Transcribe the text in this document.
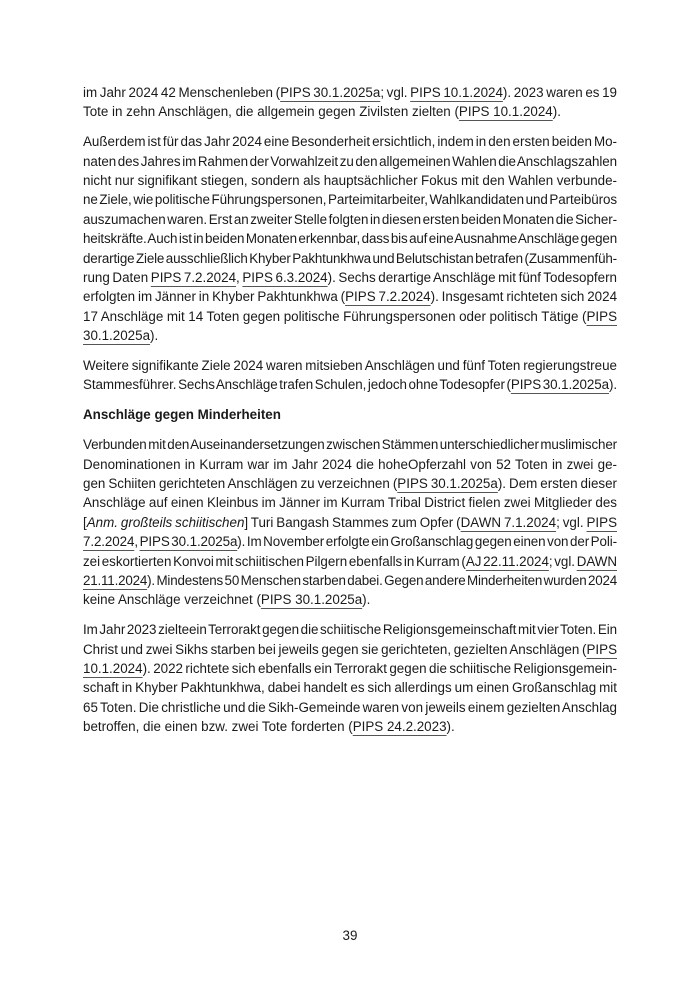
im Jahr 2024 42 Menschenleben (PIPS 30.1.2025a; vgl. PIPS 10.1.2024). 2023 waren es 19
Tote in zehn Anschlägen, die allgemein gegen Zivilsten zielten (PIPS 10.1.2024).
Außerdem ist für das Jahr 2024 eine Besonderheit ersichtlich, indem in den ersten beiden Mo-
naten des Jahres im Rahmen der Vorwahlzeit zu den allgemeinen Wahlen die Anschlagszahlen
nicht nur signifikant stiegen, sondern als hauptsächlicher Fokus mit den Wahlen verbunde-
ne Ziele, wie politische Führungspersonen, Parteimitarbeiter, Wahlkandidaten und Parteibüros
auszumachen waren. Erst an zweiter Stelle folgten in diesen ersten beiden Monaten die Sicher-
heitskräfte. Auch ist in beiden Monaten erkennbar, dass bis auf eine Ausnahme Anschläge gegen
derartige Ziele ausschließlich Khyber Pakhtunkhwa und Belutschistan betrafen (Zusammenfüh-
rung Daten PIPS 7.2.2024, PIPS 6.3.2024). Sechs derartige Anschläge mit fünf Todesopfern
erfolgten im Jänner in Khyber Pakhtunkhwa (PIPS 7.2.2024). Insgesamt richteten sich 2024
17 Anschläge mit 14 Toten gegen politische Führungspersonen oder politisch Tätige (PIPS
30.1.2025a).
Weitere signifikante Ziele 2024 waren mitsieben Anschlägen und fünf Toten regierungstreue
Stammesführer. Sechs Anschläge trafen Schulen, jedoch ohne Todesopfer (PIPS 30.1.2025a).
Anschläge gegen Minderheiten
Verbunden mit den Auseinandersetzungen zwischen Stämmen unterschiedlicher muslimischer
Denominationen in Kurram war im Jahr 2024 die hoheOpferzahl von 52 Toten in zwei ge-
gen Schiiten gerichteten Anschlägen zu verzeichnen (PIPS 30.1.2025a). Dem ersten dieser
Anschläge auf einen Kleinbus im Jänner im Kurram Tribal District fielen zwei Mitglieder des
[Anm. großteils schiitischen] Turi Bangash Stammes zum Opfer (DAWN 7.1.2024; vgl. PIPS
7.2.2024, PIPS 30.1.2025a). Im November erfolgte ein Großanschlag gegen einen von der Poli-
zei eskortierten Konvoi mit schiitischen Pilgern ebenfalls in Kurram (AJ 22.11.2024; vgl. DAWN
21.11.2024). Mindestens 50 Menschen starben dabei. Gegen andere Minderheiten wurden 2024
keine Anschläge verzeichnet (PIPS 30.1.2025a).
Im Jahr 2023 zielteein Terrorakt gegen die schiitische Religionsgemeinschaft mit vier Toten. Ein
Christ und zwei Sikhs starben bei jeweils gegen sie gerichteten, gezielten Anschlägen (PIPS
10.1.2024). 2022 richtete sich ebenfalls ein Terrorakt gegen die schiitische Religionsgemein-
schaft in Khyber Pakhtunkhwa, dabei handelt es sich allerdings um einen Großanschlag mit
65 Toten. Die christliche und die Sikh-Gemeinde waren von jeweils einem gezielten Anschlag
betroffen, die einen bzw. zwei Tote forderten (PIPS 24.2.2023).
39
